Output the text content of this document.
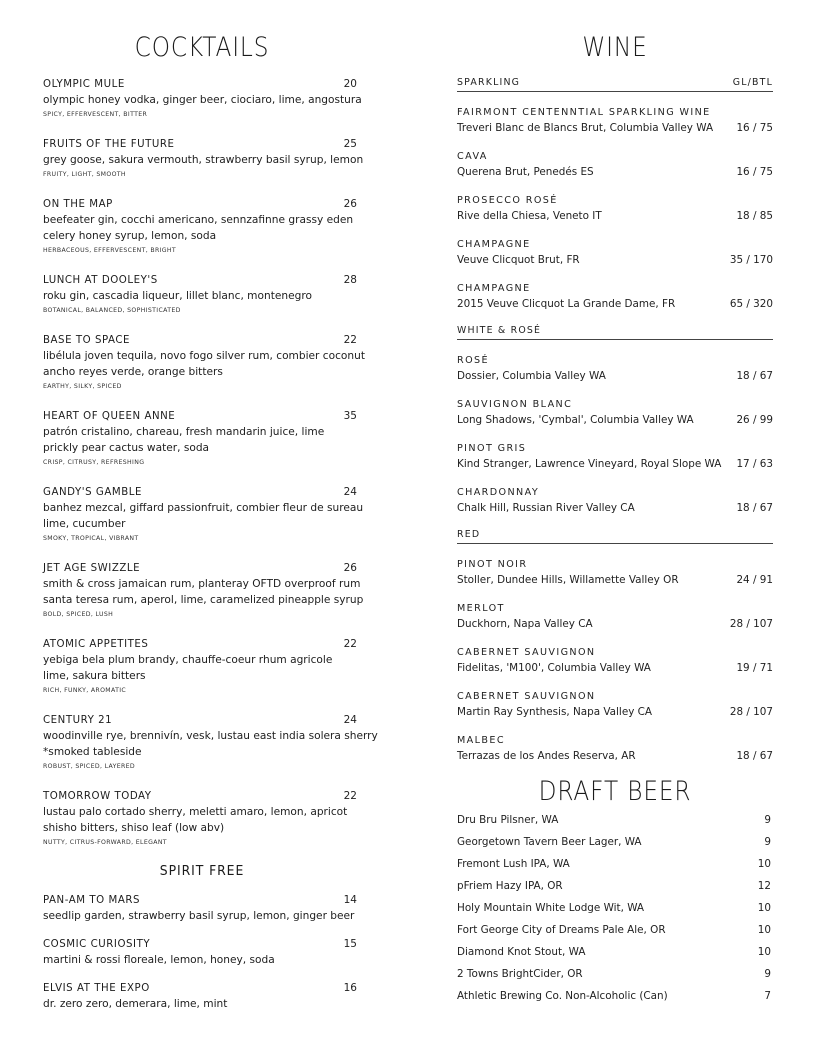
COCKTAILS
OLYMPIC MULE	20
olympic honey vodka, ginger beer, ciociaro, lime, angostura
SPICY, EFFERVESCENT, BITTER
FRUITS OF THE FUTURE	25
grey goose, sakura vermouth, strawberry basil syrup, lemon
FRUITY, LIGHT, SMOOTH
ON THE MAP	26
beefeater gin, cocchi americano, sennzafinne grassy eden
celery honey syrup, lemon, soda
HERBACEOUS, EFFERVESCENT, BRIGHT
LUNCH AT DOOLEY'S	28
roku gin, cascadia liqueur, lillet blanc, montenegro
BOTANICAL, BALANCED, SOPHISTICATED
BASE TO SPACE	22
libélula joven tequila, novo fogo silver rum, combier coconut
ancho reyes verde, orange bitters
EARTHY, SILKY, SPICED
HEART OF QUEEN ANNE	35
patrón cristalino, chareau, fresh mandarin juice, lime
prickly pear cactus water, soda
CRISP, CITRUSY, REFRESHING
GANDY'S GAMBLE	24
banhez mezcal, giffard passionfruit, combier fleur de sureau
lime, cucumber
SMOKY, TROPICAL, VIBRANT
JET AGE SWIZZLE	26
smith & cross jamaican rum, planteray OFTD overproof rum
santa teresa rum, aperol, lime, caramelized pineapple syrup
BOLD, SPICED, LUSH
ATOMIC APPETITES	22
yebiga bela plum brandy, chauffe-coeur rhum agricole
lime, sakura bitters
RICH, FUNKY, AROMATIC
CENTURY 21	24
woodinville rye, brennivín, vesk, lustau east india solera sherry
*smoked tableside
ROBUST, SPICED, LAYERED
TOMORROW TODAY	22
lustau palo cortado sherry, meletti amaro, lemon, apricot
shisho bitters, shiso leaf (low abv)
NUTTY, CITRUS-FORWARD, ELEGANT
SPIRIT FREE
PAN-AM TO MARS	14
seedlip garden, strawberry basil syrup, lemon, ginger beer
COSMIC CURIOSITY	15
martini & rossi floreale, lemon, honey, soda
ELVIS AT THE EXPO	16
dr. zero zero, demerara, lime, mint
WINE
SPARKLING	GL/BTL
FAIRMONT CENTENNTIAL SPARKLING WINE
Treveri Blanc de Blancs Brut, Columbia Valley WA	16 / 75
CAVA
Querena Brut, Penedés ES	16 / 75
PROSECCO ROSÉ
Rive della Chiesa, Veneto IT	18 / 85
CHAMPAGNE
Veuve Clicquot Brut, FR	35 / 170
CHAMPAGNE
2015 Veuve Clicquot La Grande Dame, FR	65 / 320
WHITE & ROSÉ
ROSÉ
Dossier, Columbia Valley WA	18 / 67
SAUVIGNON BLANC
Long Shadows, 'Cymbal', Columbia Valley WA	26 / 99
PINOT GRIS
Kind Stranger, Lawrence Vineyard, Royal Slope WA	17 / 63
CHARDONNAY
Chalk Hill, Russian River Valley CA	18 / 67
RED
PINOT NOIR
Stoller, Dundee Hills, Willamette Valley OR	24 / 91
MERLOT
Duckhorn, Napa Valley CA	28 / 107
CABERNET SAUVIGNON
Fidelitas, 'M100', Columbia Valley WA	19 / 71
CABERNET SAUVIGNON
Martin Ray Synthesis, Napa Valley CA	28 / 107
MALBEC
Terrazas de los Andes Reserva, AR	18 / 67
DRAFT BEER
Dru Bru Pilsner, WA	9
Georgetown Tavern Beer Lager, WA	9
Fremont Lush IPA, WA	10
pFriem Hazy IPA, OR	12
Holy Mountain White Lodge Wit, WA	10
Fort George City of Dreams Pale Ale, OR	10
Diamond Knot Stout, WA	10
2 Towns BrightCider, OR	9
Athletic Brewing Co. Non-Alcoholic (Can)	7
